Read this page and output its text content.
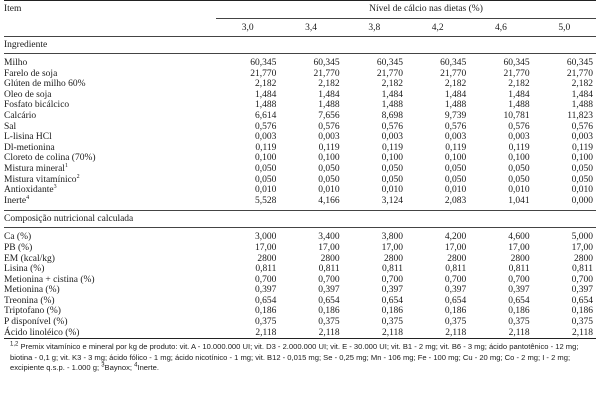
Item	Nível de cálcio nas dietas (%)					
	3,0	3,4	3,8	4,2	4,6	5,0
Ingrediente						

Milho	60,345	60,345	60,345	60,345	60,345	60,345
Farelo de soja	21,770	21,770	21,770	21,770	21,770	21,770
Glúten de milho 60%	2,182	2,182	2,182	2,182	2,182	2,182
Oleo de soja	1,484	1,484	1,484	1,484	1,484	1,484
Fosfato bicálcico	1,488	1,488	1,488	1,488	1,488	1,488
Calcário	6,614	7,656	8,698	9,739	10,781	11,823
Sal	0,576	0,576	0,576	0,576	0,576	0,576
L-lisina HCl	0,003	0,003	0,003	0,003	0,003	0,003
Dl-metionina	0,119	0,119	0,119	0,119	0,119	0,119
Cloreto de colina (70%)	0,100	0,100	0,100	0,100	0,100	0,100
Mistura mineral$^1$	0,050	0,050	0,050	0,050	0,050	0,050
Mistura vitamínico$^2$	0,050	0,050	0,050	0,050	0,050	0,050
Antioxidante$^3$	0,010	0,010	0,010	0,010	0,010	0,010
Inerte$^4$	5,528	4,166	3,124	2,083	1,041	0,000

Composição nutricional calculada						

Ca (%)	3,000	3,400	3,800	4,200	4,600	5,000
PB (%)	17,00	17,00	17,00	17,00	17,00	17,00
EM (kcal/kg)	2800	2800	2800	2800	2800	2800
Lisina (%)	0,811	0,811	0,811	0,811	0,811	0,811
Metionina + cistina (%)	0,700	0,700	0,700	0,700	0,700	0,700
Metionina (%)	0,397	0,397	0,397	0,397	0,397	0,397
Treonina (%)	0,654	0,654	0,654	0,654	0,654	0,654
Triptofano (%)	0,186	0,186	0,186	0,186	0,186	0,186
P disponível (%)	0,375	0,375	0,375	0,375	0,375	0,375
Ácido linoléico (%)	2,118	2,118	2,118	2,118	2,118	2,118
$^{1,2}$ Premix vitamínico e mineral por kg de produto: vit. A - 10.000.000 UI; vit. D3 - 2.000.000 UI; vit. E - 30.000 UI; vit. B1 - 2 mg; vit. B6 - 3 mg; ácido pantotênico - 12 mg; biotina - 0,1 g; vit. K3 - 3 mg; ácido fólico - 1 mg; ácido nicotínico - 1 mg; vit. B12 - 0,015 mg; Se - 0,25 mg; Mn - 106 mg; Fe - 100 mg; Cu - 20 mg; Co - 2 mg; I - 2 mg; excipiente q.s.p. - 1.000 g; $^3$Baynox; $^4$Inerte.
